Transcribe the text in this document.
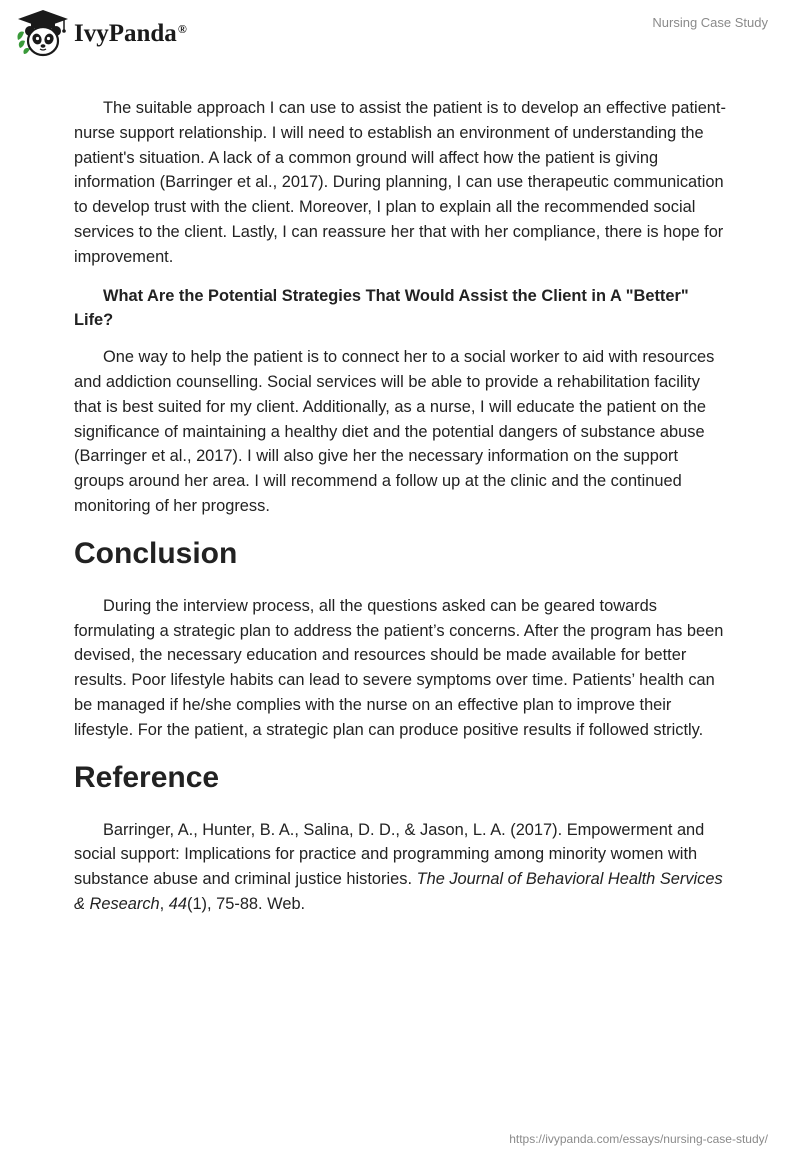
IvyPanda®	Nursing Case Study

The suitable approach I can use to assist the patient is to develop an effective patient-nurse support relationship. I will need to establish an environment of understanding the patient's situation. A lack of a common ground will affect how the patient is giving information (Barringer et al., 2017). During planning, I can use therapeutic communication to develop trust with the client. Moreover, I plan to explain all the recommended social services to the client. Lastly, I can reassure her that with her compliance, there is hope for improvement.

What Are the Potential Strategies That Would Assist the Client in A "Better" Life?

One way to help the patient is to connect her to a social worker to aid with resources and addiction counselling. Social services will be able to provide a rehabilitation facility that is best suited for my client. Additionally, as a nurse, I will educate the patient on the significance of maintaining a healthy diet and the potential dangers of substance abuse (Barringer et al., 2017). I will also give her the necessary information on the support groups around her area. I will recommend a follow up at the clinic and the continued monitoring of her progress.

Conclusion

During the interview process, all the questions asked can be geared towards formulating a strategic plan to address the patient’s concerns. After the program has been devised, the necessary education and resources should be made available for better results. Poor lifestyle habits can lead to severe symptoms over time. Patients’ health can be managed if he/she complies with the nurse on an effective plan to improve their lifestyle. For the patient, a strategic plan can produce positive results if followed strictly.

Reference

Barringer, A., Hunter, B. A., Salina, D. D., & Jason, L. A. (2017). Empowerment and social support: Implications for practice and programming among minority women with substance abuse and criminal justice histories. The Journal of Behavioral Health Services & Research, 44(1), 75-88. Web.

https://ivypanda.com/essays/nursing-case-study/
